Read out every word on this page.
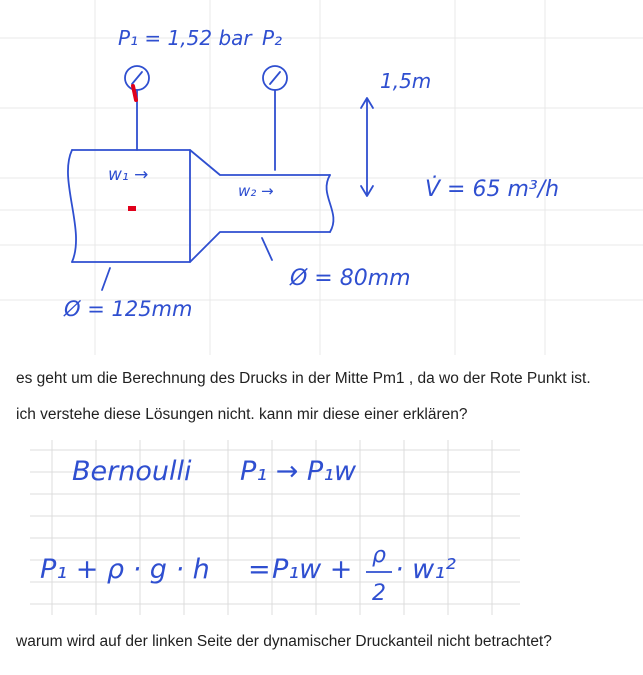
P₁ = 1,52 bar P₂
1,5m
w₁ →
w₂ →	V̇ = 65 m³/h
Ø = 80mm
Ø = 125mm

es geht um die Berechnung des Drucks in der Mitte Pm1 , da wo der Rote Punkt ist.

ich verstehe diese Lösungen nicht. kann mir diese einer erklären?

Bernoulli P₁ → P₁w
P₁ + ρ · g · h = P₁w + ρ
2
· w₁²

warum wird auf der linken Seite der dynamischer Druckanteil nicht betrachtet?
